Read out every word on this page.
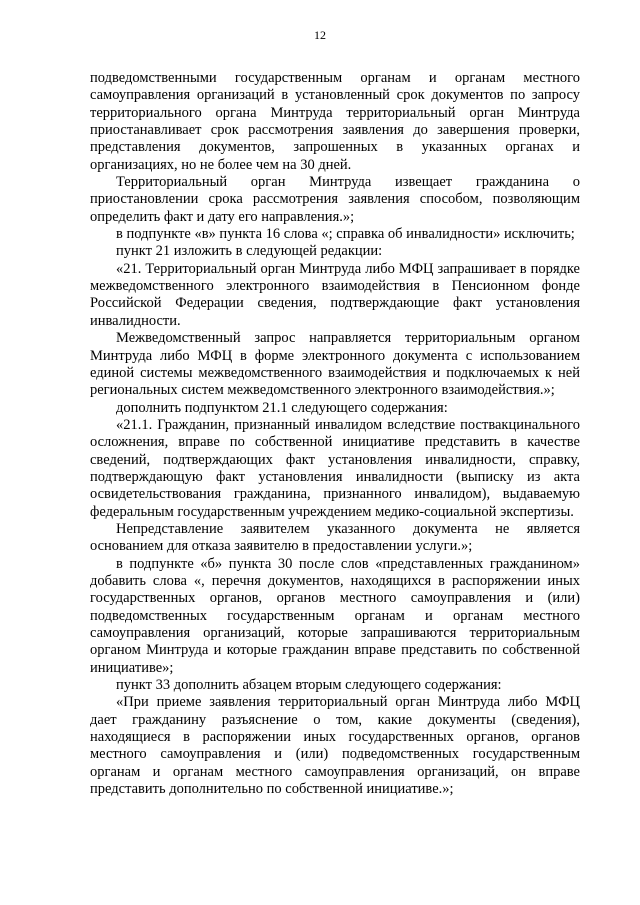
12

подведомственными государственным органам и органам местного самоуправления организаций в установленный срок документов по запросу территориального органа Минтруда территориальный орган Минтруда приостанавливает срок рассмотрения заявления до завершения проверки, представления документов, запрошенных в указанных органах и организациях, но не более чем на 30 дней.

Территориальный орган Минтруда извещает гражданина о приостановлении срока рассмотрения заявления способом, позволяющим определить факт и дату его направления.»;

в подпункте «в» пункта 16 слова «; справка об инвалидности» исключить;

пункт 21 изложить в следующей редакции:

«21. Территориальный орган Минтруда либо МФЦ запрашивает в порядке межведомственного электронного взаимодействия в Пенсионном фонде Российской Федерации сведения, подтверждающие факт установления инвалидности.

Межведомственный запрос направляется территориальным органом Минтруда либо МФЦ в форме электронного документа с использованием единой системы межведомственного взаимодействия и подключаемых к ней региональных систем межведомственного электронного взаимодействия.»;

дополнить подпунктом 21.1 следующего содержания:

«21.1. Гражданин, признанный инвалидом вследствие поствакцинального осложнения, вправе по собственной инициативе представить в качестве сведений, подтверждающих факт установления инвалидности, справку, подтверждающую факт установления инвалидности (выписку из акта освидетельствования гражданина, признанного инвалидом), выдаваемую федеральным государственным учреждением медико-социальной экспертизы.

Непредставление заявителем указанного документа не является основанием для отказа заявителю в предоставлении услуги.»;

в подпункте «б» пункта 30 после слов «представленных гражданином» добавить слова «, перечня документов, находящихся в распоряжении иных государственных органов, органов местного самоуправления и (или) подведомственных государственным органам и органам местного самоуправления организаций, которые запрашиваются территориальным органом Минтруда и которые гражданин вправе представить по собственной инициативе»;

пункт 33 дополнить абзацем вторым следующего содержания:

«При приеме заявления территориальный орган Минтруда либо МФЦ дает гражданину разъяснение о том, какие документы (сведения), находящиеся в распоряжении иных государственных органов, органов местного самоуправления и (или) подведомственных государственным органам и органам местного самоуправления организаций, он вправе представить дополнительно по собственной инициативе.»;
